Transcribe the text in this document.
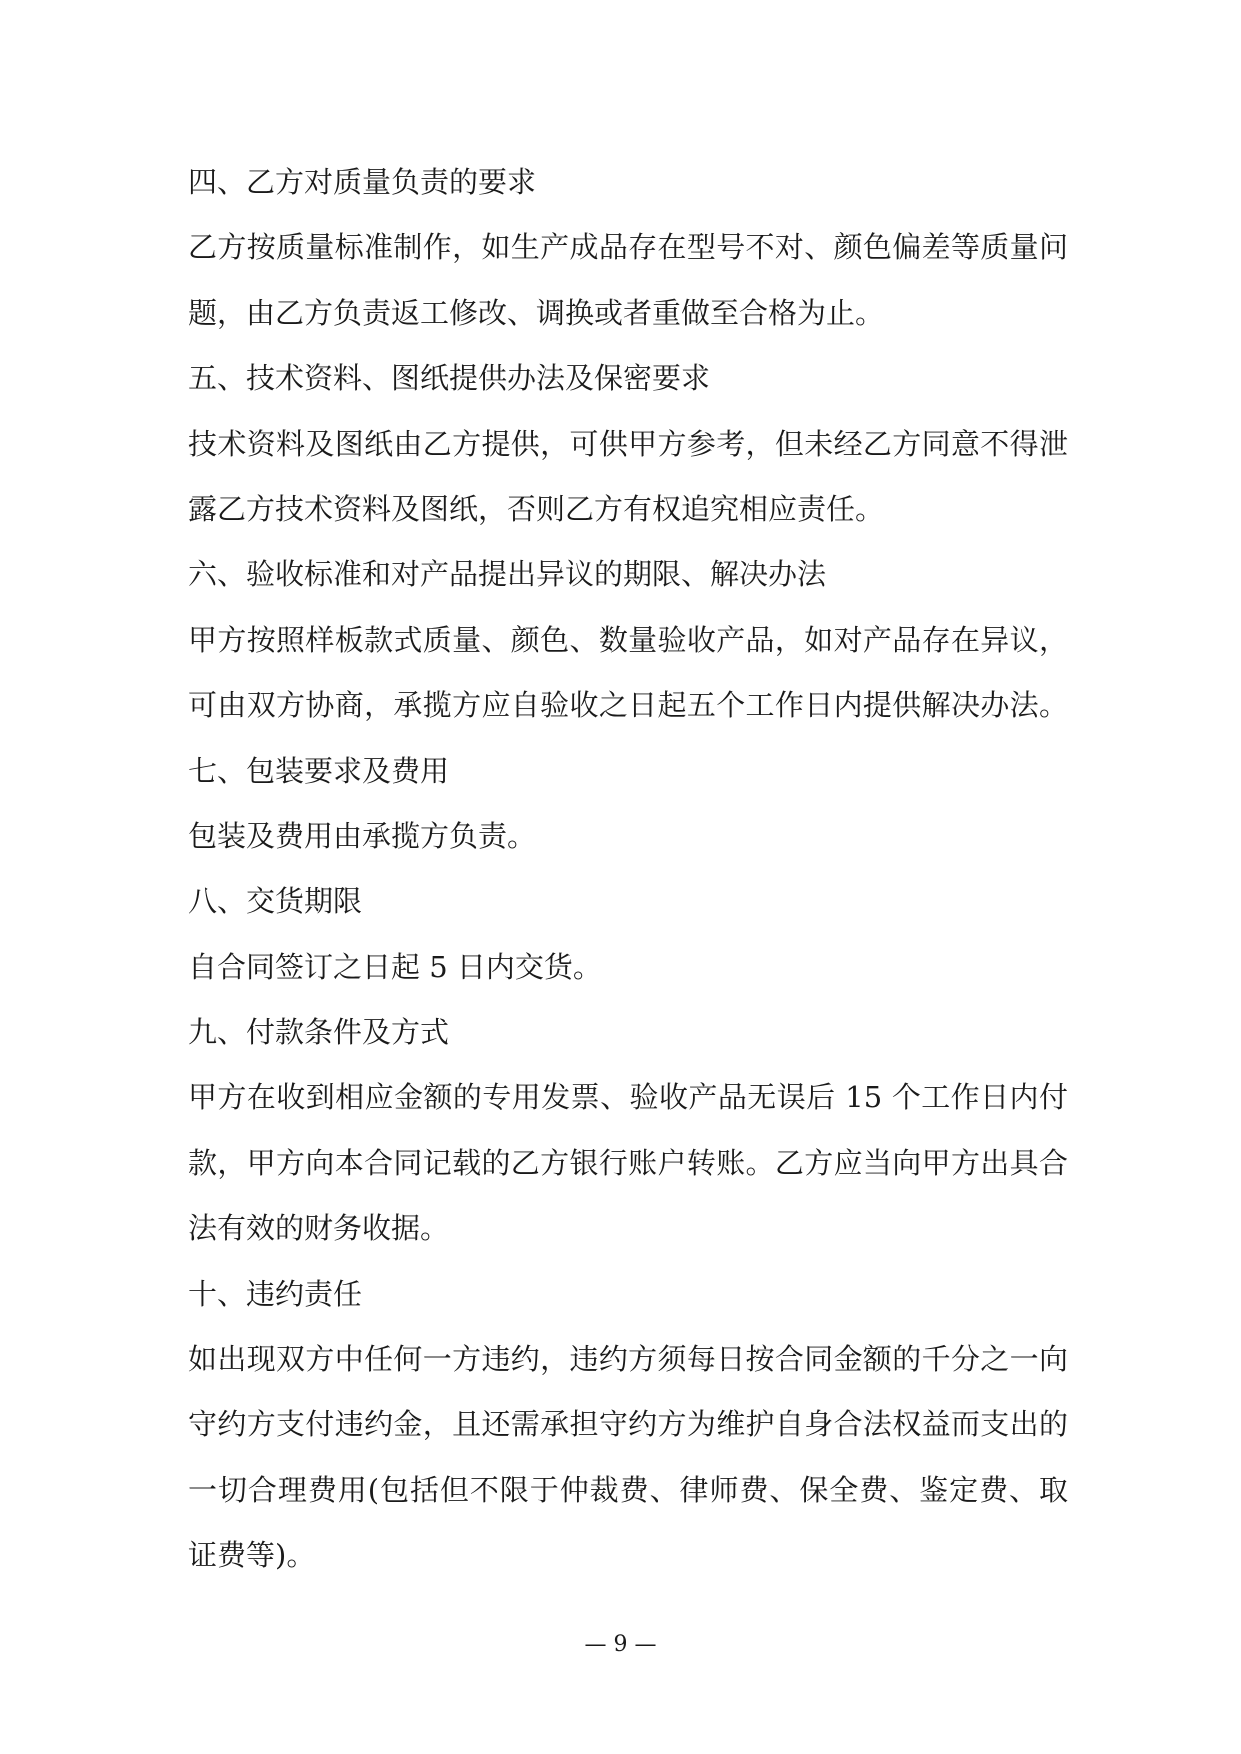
四、乙方对质量负责的要求
乙方按质量标准制作，如生产成品存在型号不对、颜色偏差等质量问
题，由乙方负责返工修改、调换或者重做至合格为止。
五、技术资料、图纸提供办法及保密要求
技术资料及图纸由乙方提供，可供甲方参考，但未经乙方同意不得泄
露乙方技术资料及图纸，否则乙方有权追究相应责任。
六、验收标准和对产品提出异议的期限、解决办法
甲方按照样板款式质量、颜色、数量验收产品，如对产品存在异议，
可由双方协商，承揽方应自验收之日起五个工作日内提供解决办法。
七、包装要求及费用
包装及费用由承揽方负责。
八、交货期限
自合同签订之日起 5 日内交货。
九、付款条件及方式
甲方在收到相应金额的专用发票、验收产品无误后 15 个工作日内付
款，甲方向本合同记载的乙方银行账户转账。乙方应当向甲方出具合
法有效的财务收据。
十、违约责任
如出现双方中任何一方违约，违约方须每日按合同金额的千分之一向
守约方支付违约金，且还需承担守约方为维护自身合法权益而支出的
一切合理费用(包括但不限于仲裁费、律师费、保全费、鉴定费、取
证费等)。
— 9 —
